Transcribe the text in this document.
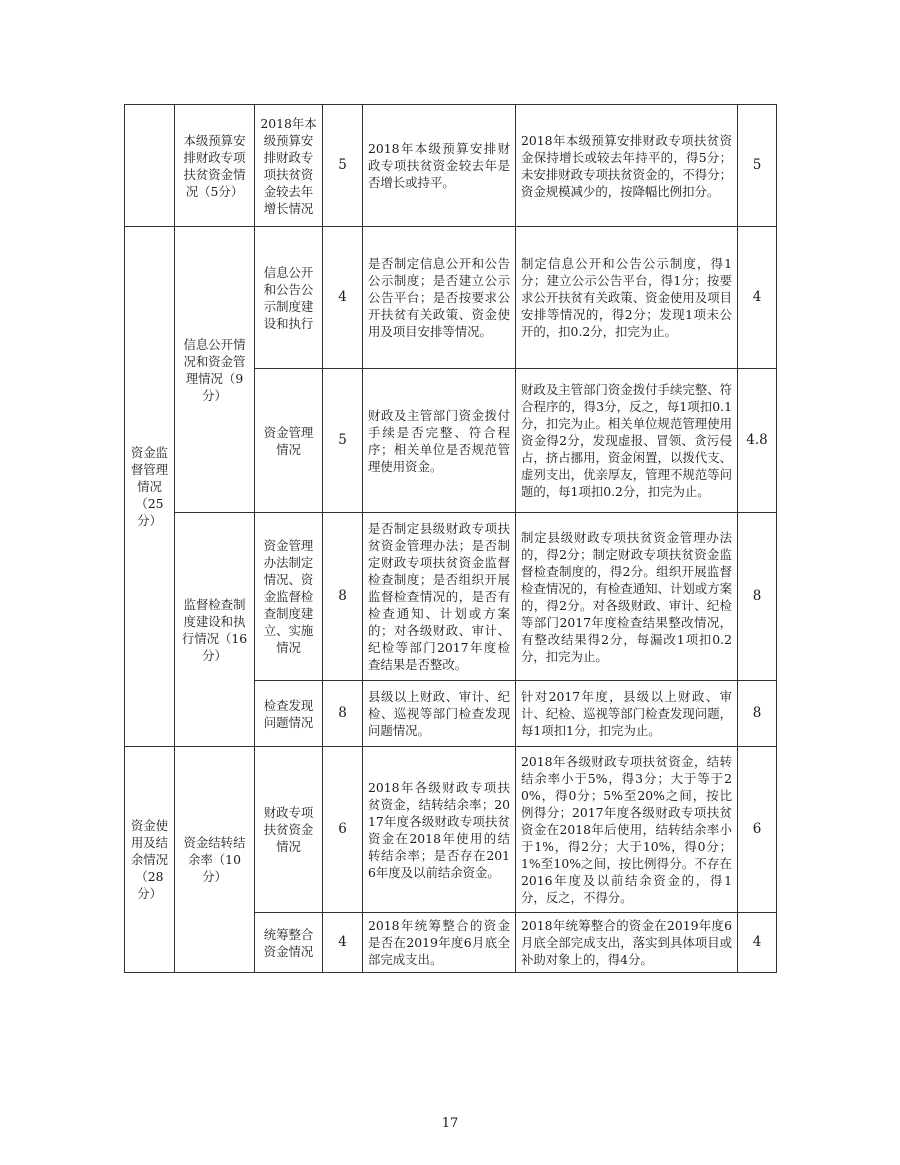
	本级预算安排财政专项扶贫资金情况（5分）	2018年本级预算安排财政专项扶贫资金较去年增长情况	5	2018年本级预算安排财政专项扶贫资金较去年是否增长或持平。	2018年本级预算安排财政专项扶贫资金保持增长或较去年持平的，得5分；未安排财政专项扶贫资金的，不得分；资金规模减少的，按降幅比例扣分。	5
资金监督管理情况（25分）	信息公开情况和资金管理情况（9分）	信息公开和公告公示制度建设和执行	4	是否制定信息公开和公告公示制度；是否建立公示公告平台；是否按要求公开扶贫有关政策、资金使用及项目安排等情况。	制定信息公开和公告公示制度，得1分；建立公示公告平台，得1分；按要求公开扶贫有关政策、资金使用及项目安排等情况的，得2分；发现1项未公开的，扣0.2分，扣完为止。	4
		资金管理情况	5	财政及主管部门资金拨付手续是否完整、符合程序；相关单位是否规范管理使用资金。	财政及主管部门资金拨付手续完整、符合程序的，得3分，反之，每1项扣0.1分，扣完为止。相关单位规范管理使用资金得2分，发现虚报、冒领、贪污侵占，挤占挪用，资金闲置，以拨代支、虚列支出，优亲厚友，管理不规范等问题的，每1项扣0.2分，扣完为止。	4.8
	监督检查制度建设和执行情况（16分）	资金管理办法制定情况、资金监督检查制度建立、实施情况	8	是否制定县级财政专项扶贫资金管理办法；是否制定财政专项扶贫资金监督检查制度；是否组织开展监督检查情况的，是否有检查通知、计划或方案的；对各级财政、审计、纪检等部门2017年度检查结果是否整改。	制定县级财政专项扶贫资金管理办法的，得2分；制定财政专项扶贫资金监督检查制度的，得2分。组织开展监督检查情况的，有检查通知、计划或方案的，得2分。对各级财政、审计、纪检等部门2017年度检查结果整改情况，有整改结果得2分，每漏改1项扣0.2分，扣完为止。	8
		检查发现问题情况	8	县级以上财政、审计、纪检、巡视等部门检查发现问题情况。	针对2017年度，县级以上财政、审计、纪检、巡视等部门检查发现问题，每1项扣1分，扣完为止。	8
资金使用及结余情况（28分）	资金结转结余率（10分）	财政专项扶贫资金情况	6	2018年各级财政专项扶贫资金，结转结余率；2017年度各级财政专项扶贫资金在2018年使用的结转结余率；是否存在2016年度及以前结余资金。	2018年各级财政专项扶贫资金，结转结余率小于5%，得3分；大于等于20%，得0分；5%至20%之间，按比例得分；2017年度各级财政专项扶贫资金在2018年后使用，结转结余率小于1%，得2分；大于10%，得0分；1%至10%之间，按比例得分。不存在2016年度及以前结余资金的，得1分，反之，不得分。	6
		统筹整合资金情况	4	2018年统筹整合的资金是否在2019年度6月底全部完成支出。	2018年统筹整合的资金在2019年度6月底全部完成支出，落实到具体项目或补助对象上的，得4分。	4
17
